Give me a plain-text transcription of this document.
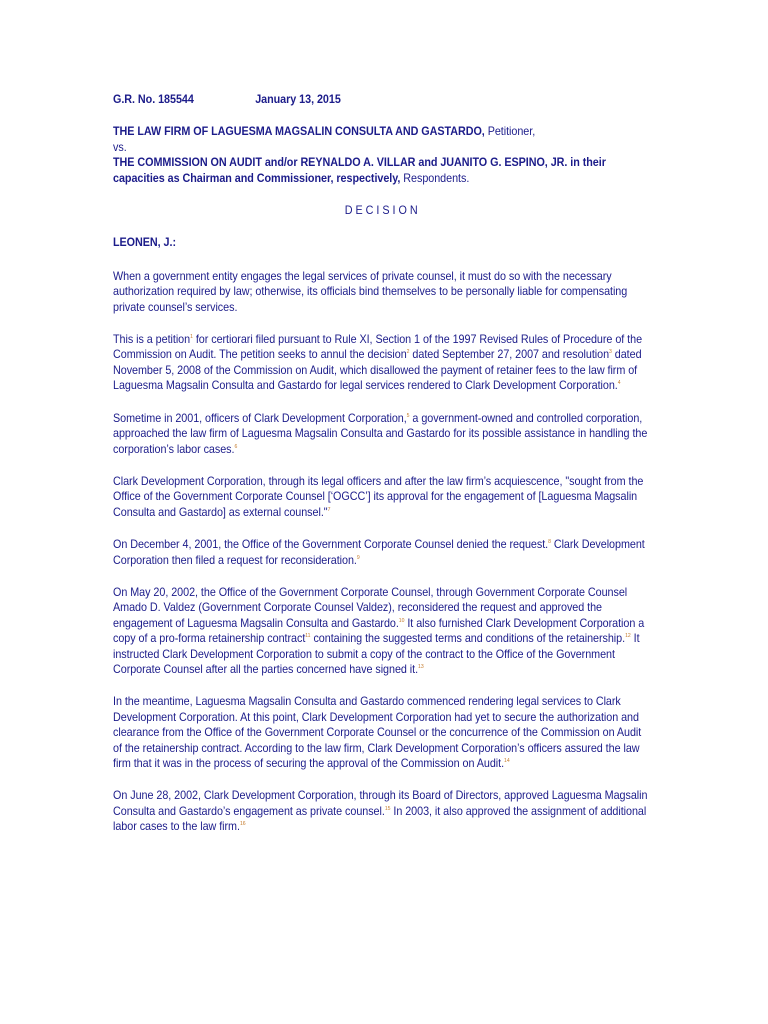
G.R. No. 185544	January 13, 2015

THE LAW FIRM OF LAGUESMA MAGSALIN CONSULTA AND GASTARDO, Petitioner,
vs.
THE COMMISSION ON AUDIT and/or REYNALDO A. VILLAR and JUANITO G. ESPINO, JR. in their capacities as Chairman and Commissioner, respectively, Respondents.

DECISION

LEONEN, J.:

When a government entity engages the legal services of private counsel, it must do so with the necessary authorization required by law; otherwise, its officials bind themselves to be personally liable for compensating private counsel’s services.

This is a petition$^1$ for certiorari filed pursuant to Rule XI, Section 1 of the 1997 Revised Rules of Procedure of the Commission on Audit. The petition seeks to annul the decision$^2$ dated September 27, 2007 and resolution$^3$ dated November 5, 2008 of the Commission on Audit, which disallowed the payment of retainer fees to the law firm of Laguesma Magsalin Consulta and Gastardo for legal services rendered to Clark Development Corporation.$^4$

Sometime in 2001, officers of Clark Development Corporation,$^5$ a government-owned and controlled corporation, approached the law firm of Laguesma Magsalin Consulta and Gastardo for its possible assistance in handling the corporation’s labor cases.$^6$

Clark Development Corporation, through its legal officers and after the law firm’s acquiescence, "sought from the Office of the Government Corporate Counsel [‘OGCC’] its approval for the engagement of [Laguesma Magsalin Consulta and Gastardo] as external counsel."$^7$

On December 4, 2001, the Office of the Government Corporate Counsel denied the request.$^8$ Clark Development Corporation then filed a request for reconsideration.$^9$

On May 20, 2002, the Office of the Government Corporate Counsel, through Government Corporate Counsel Amado D. Valdez (Government Corporate Counsel Valdez), reconsidered the request and approved the engagement of Laguesma Magsalin Consulta and Gastardo.$^{10}$ It also furnished Clark Development Corporation a copy of a pro-forma retainership contract$^{11}$ containing the suggested terms and conditions of the retainership.$^{12}$ It instructed Clark Development Corporation to submit a copy of the contract to the Office of the Government Corporate Counsel after all the parties concerned have signed it.$^{13}$

In the meantime, Laguesma Magsalin Consulta and Gastardo commenced rendering legal services to Clark Development Corporation. At this point, Clark Development Corporation had yet to secure the authorization and clearance from the Office of the Government Corporate Counsel or the concurrence of the Commission on Audit of the retainership contract. According to the law firm, Clark Development Corporation’s officers assured the law firm that it was in the process of securing the approval of the Commission on Audit.$^{14}$

On June 28, 2002, Clark Development Corporation, through its Board of Directors, approved Laguesma Magsalin Consulta and Gastardo’s engagement as private counsel.$^{15}$ In 2003, it also approved the assignment of additional labor cases to the law firm.$^{16}$
